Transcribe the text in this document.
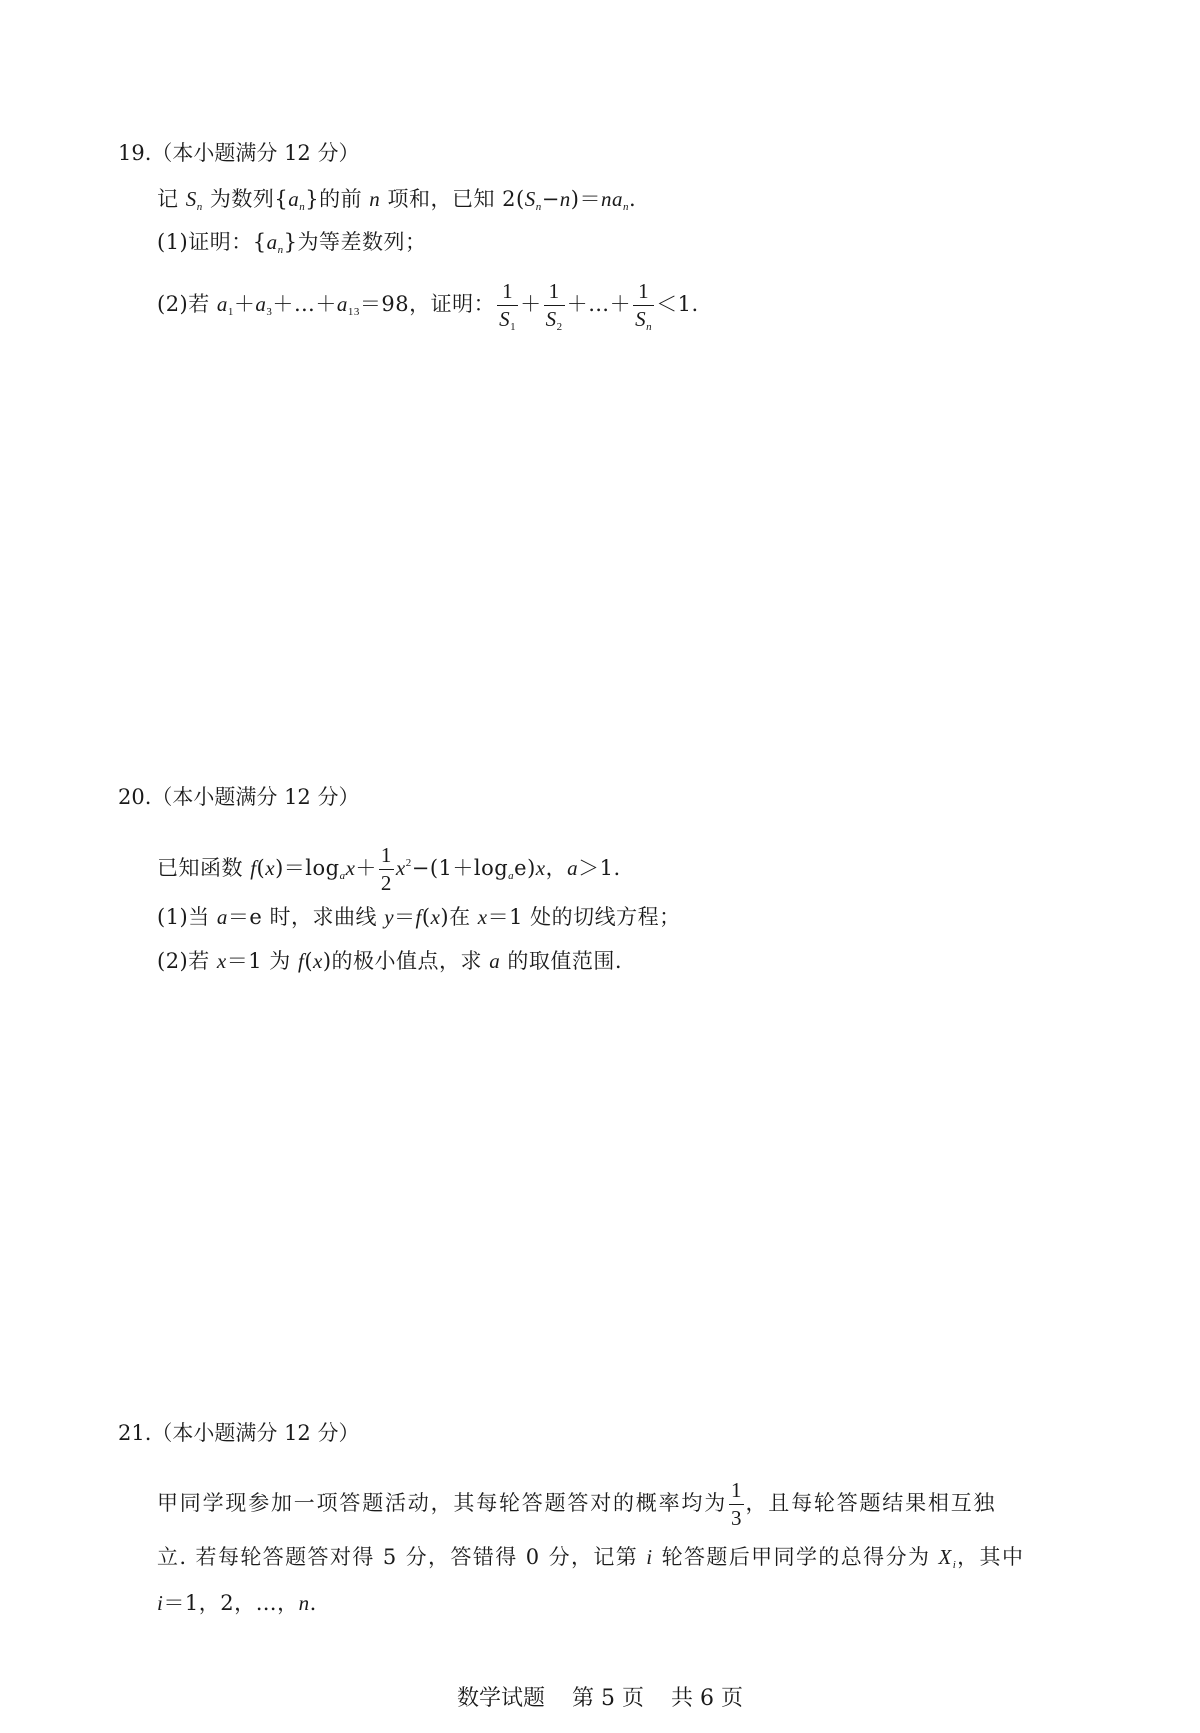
19.（本小题满分 12 分）
记 $S_n$ 为数列$\{a_n\}$的前 n 项和，已知 $2(S_n-n)=na_n$.
(1)证明：$\{a_n\}$为等差数列；
(2)若 $a_1+a_3+\dots+a_{13}=98$，证明： $\frac{1}{S_1} + \frac{1}{S_2}$ ＋…＋ $\frac{1}{S_n} <1$.
20.（本小题满分 12 分）
已知函数 $f(x)=\log_ax+ \frac{1}{2} x^2-(1+\log_ae)x$，a＞1.
(1)当 a＝e 时，求曲线 y＝f(x)在 x＝1 处的切线方程；
(2)若 x＝1 为 f(x)的极小值点，求 a 的取值范围.
21.（本小题满分 12 分）
甲同学现参加一项答题活动，其每轮答题答对的概率均为 $\frac{1}{3}$ ，且每轮答题结果相互独
立. 若每轮答题答对得 5 分，答错得 0 分，记第 i 轮答题后甲同学的总得分为 $X_i$，其中
i＝1，2，…，n.
数学试题 第 5 页 共 6 页
